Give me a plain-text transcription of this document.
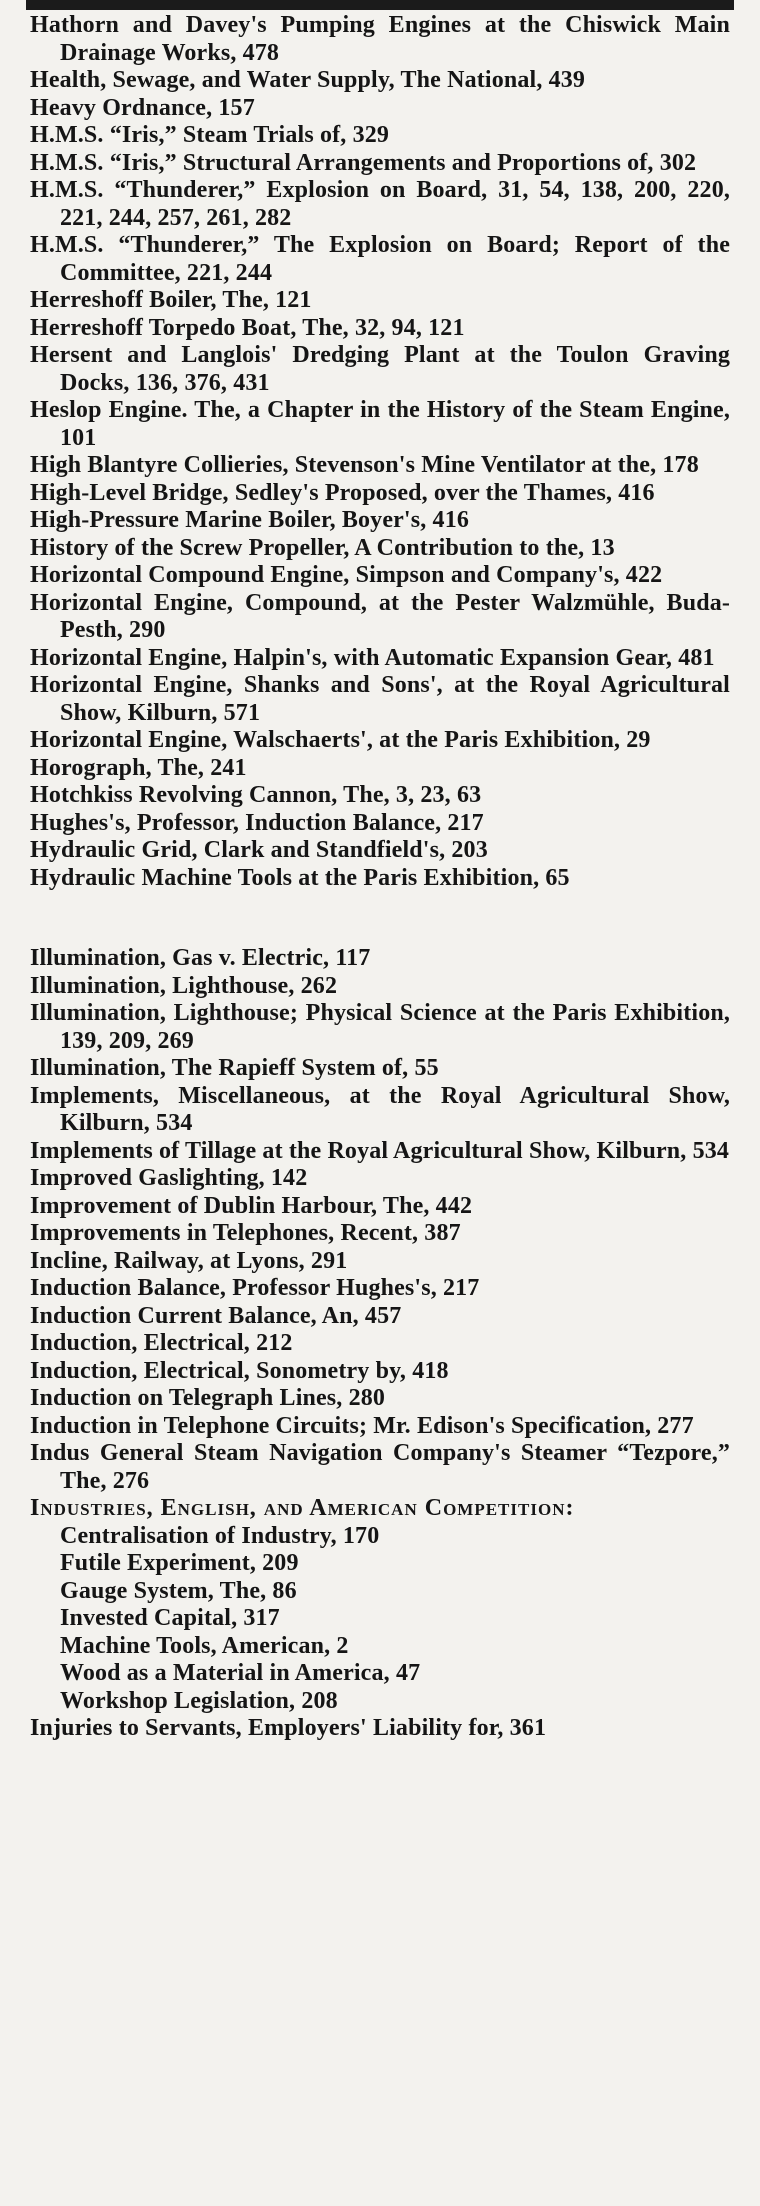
Hathorn and Davey's Pumping Engines at the Chiswick Main Drainage Works, 478
Health, Sewage, and Water Supply, The National, 439
Heavy Ordnance, 157
H.M.S. “Iris,” Steam Trials of, 329
H.M.S. “Iris,” Structural Arrangements and Proportions of, 302
H.M.S. “Thunderer,” Explosion on Board, 31, 54, 138, 200, 220, 221, 244, 257, 261, 282
H.M.S. “Thunderer,” The Explosion on Board; Report of the Committee, 221, 244
Herreshoff Boiler, The, 121
Herreshoff Torpedo Boat, The, 32, 94, 121
Hersent and Langlois' Dredging Plant at the Toulon Graving Docks, 136, 376, 431
Heslop Engine. The, a Chapter in the History of the Steam Engine, 101
High Blantyre Collieries, Stevenson's Mine Ventilator at the, 178
High-Level Bridge, Sedley's Proposed, over the Thames, 416
High-Pressure Marine Boiler, Boyer's, 416
History of the Screw Propeller, A Contribution to the, 13
Horizontal Compound Engine, Simpson and Company's, 422
Horizontal Engine, Compound, at the Pester Walzmühle, Buda-Pesth, 290
Horizontal Engine, Halpin's, with Automatic Expansion Gear, 481
Horizontal Engine, Shanks and Sons', at the Royal Agricultural Show, Kilburn, 571
Horizontal Engine, Walschaerts', at the Paris Exhibition, 29
Horograph, The, 241
Hotchkiss Revolving Cannon, The, 3, 23, 63
Hughes's, Professor, Induction Balance, 217
Hydraulic Grid, Clark and Standfield's, 203
Hydraulic Machine Tools at the Paris Exhibition, 65
Illumination, Gas v. Electric, 117
Illumination, Lighthouse, 262
Illumination, Lighthouse; Physical Science at the Paris Exhibition, 139, 209, 269
Illumination, The Rapieff System of, 55
Implements, Miscellaneous, at the Royal Agricultural Show, Kilburn, 534
Implements of Tillage at the Royal Agricultural Show, Kilburn, 534
Improved Gaslighting, 142
Improvement of Dublin Harbour, The, 442
Improvements in Telephones, Recent, 387
Incline, Railway, at Lyons, 291
Induction Balance, Professor Hughes's, 217
Induction Current Balance, An, 457
Induction, Electrical, 212
Induction, Electrical, Sonometry by, 418
Induction on Telegraph Lines, 280
Induction in Telephone Circuits; Mr. Edison's Specification, 277
Indus General Steam Navigation Company's Steamer “Tezpore,” The, 276
Industries, English, and American Competition:
Centralisation of Industry, 170
Futile Experiment, 209
Gauge System, The, 86
Invested Capital, 317
Machine Tools, American, 2
Wood as a Material in America, 47
Workshop Legislation, 208
Injuries to Servants, Employers' Liability for, 361
